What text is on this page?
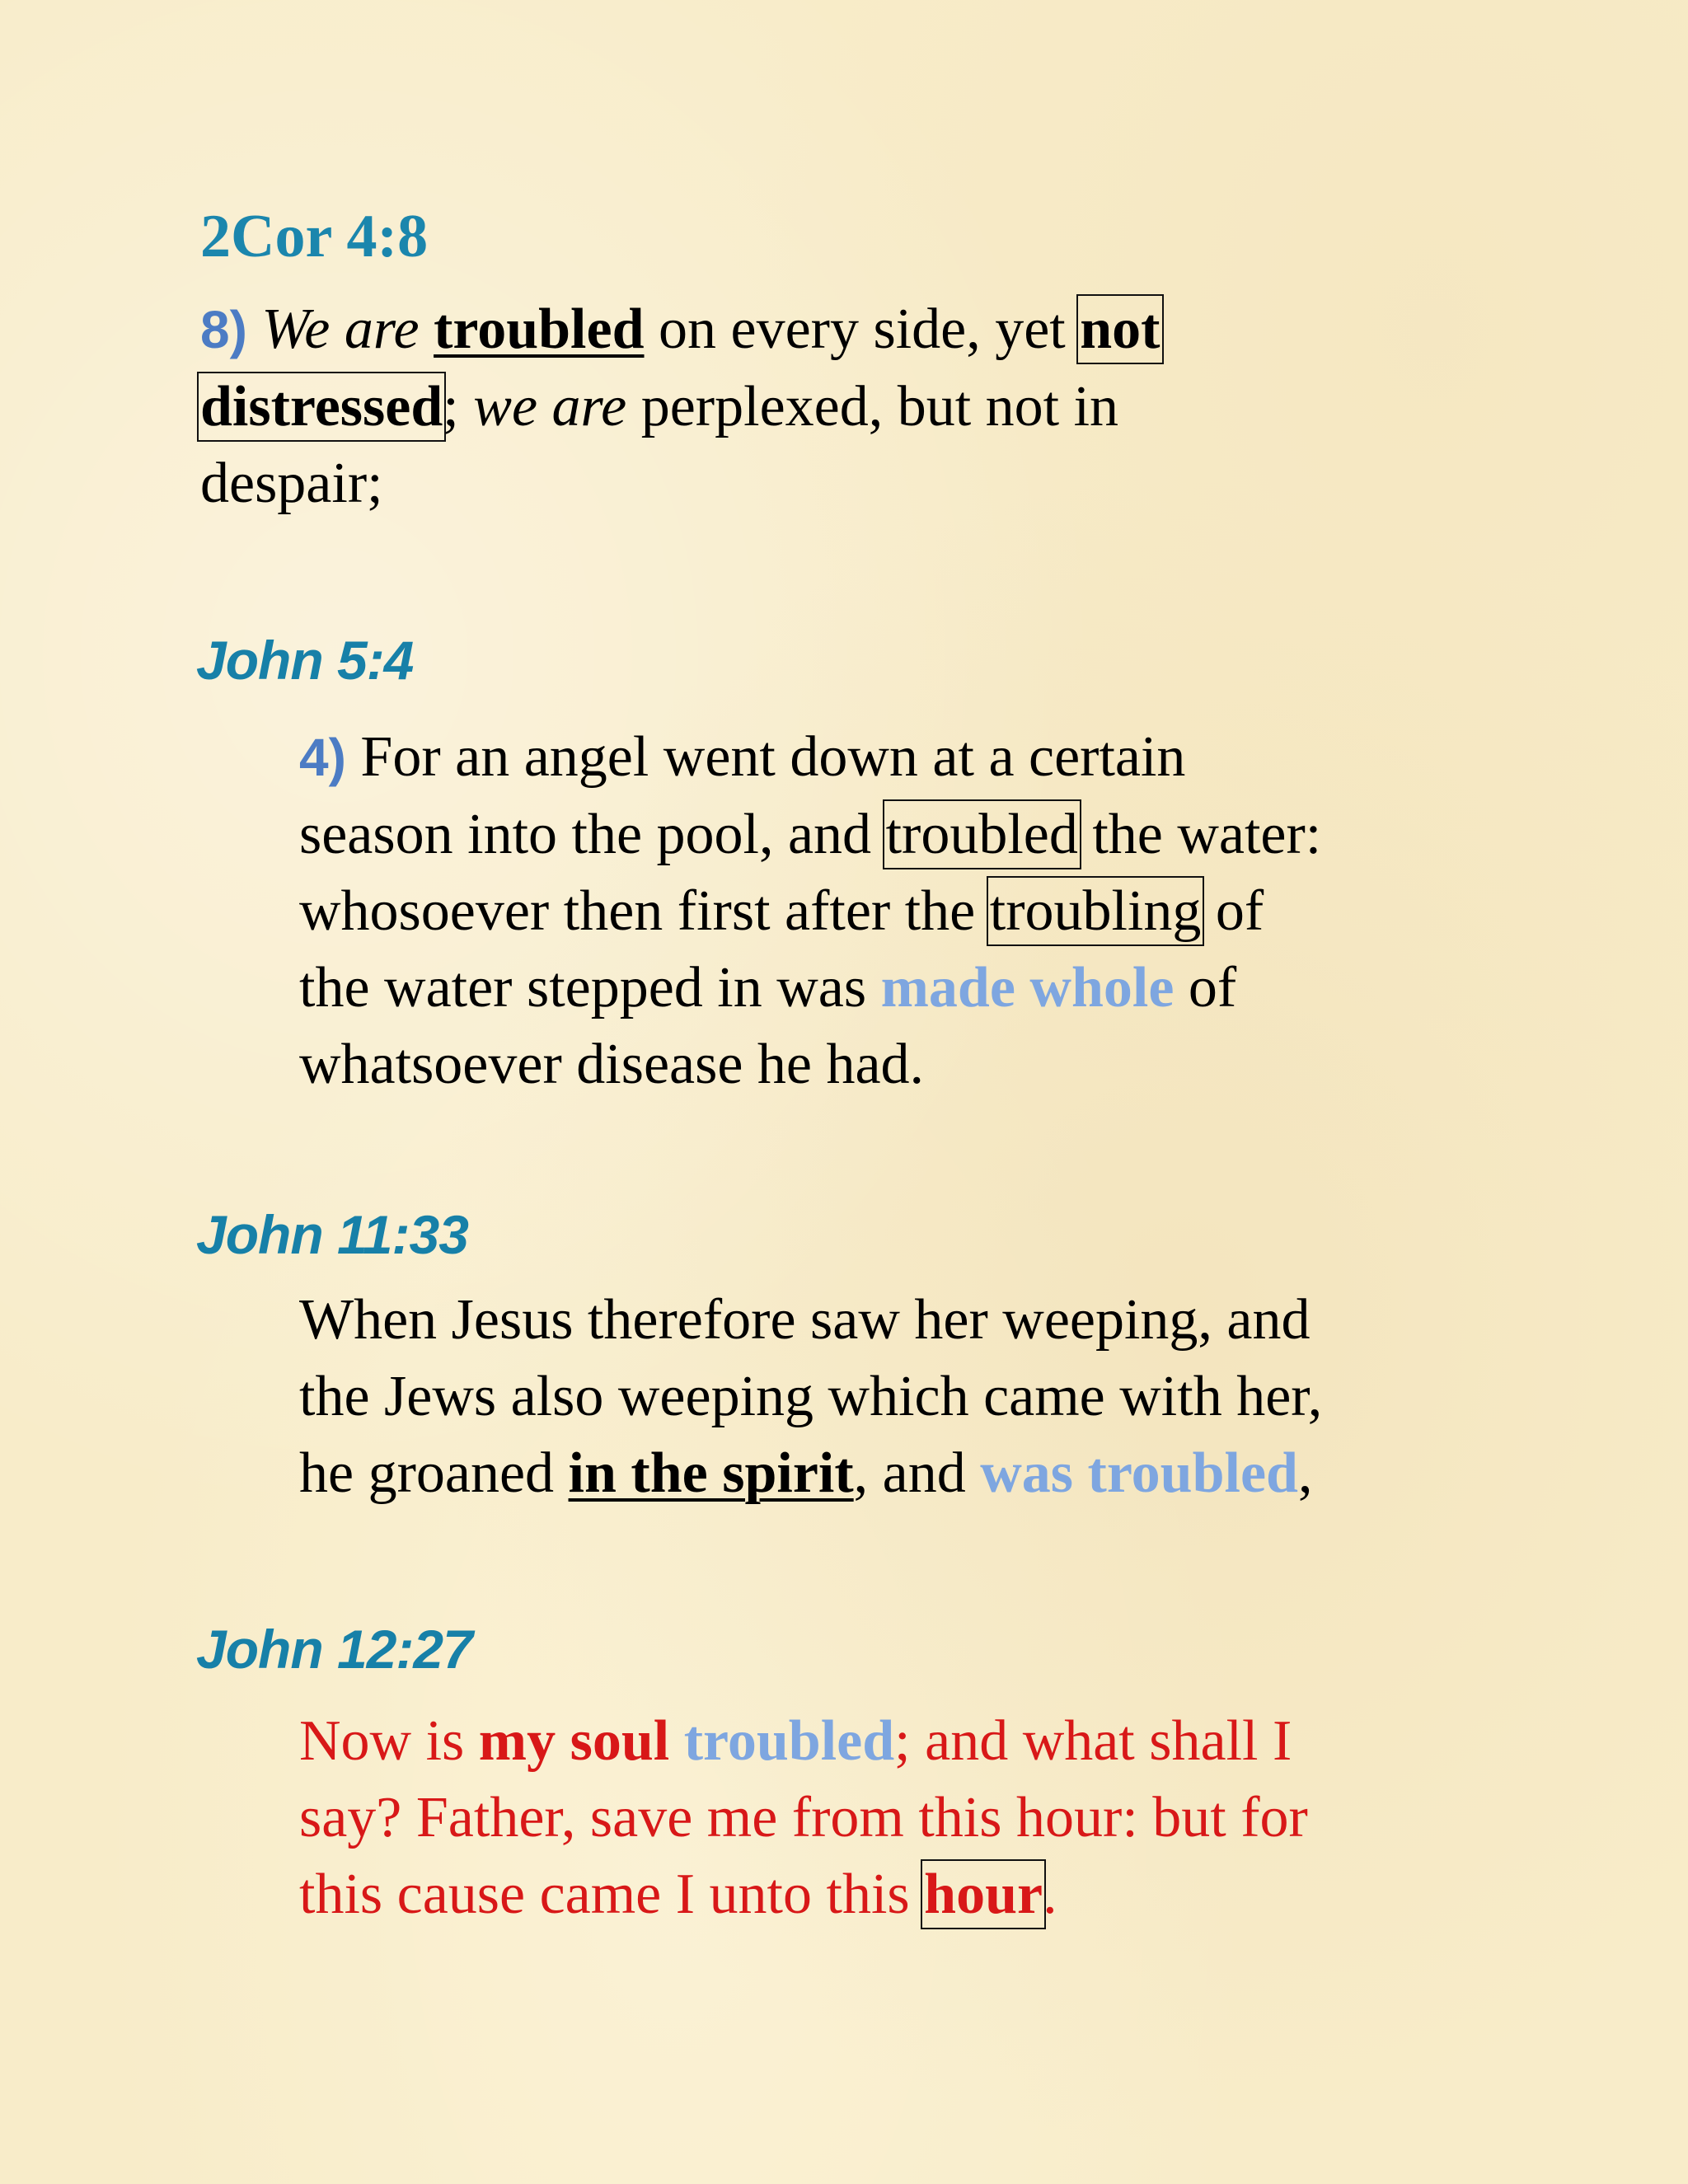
2Cor 4:8
8) We are troubled on every side, yet not
distressed; we are perplexed, but not in
despair;
John 5:4
4) For an angel went down at a certain
season into the pool, and troubled the water:
whosoever then first after the troubling of
the water stepped in was made whole of
whatsoever disease he had.
John 11:33
When Jesus therefore saw her weeping, and
the Jews also weeping which came with her,
he groaned in the spirit, and was troubled,
John 12:27
Now is my soul troubled; and what shall I
say? Father, save me from this hour: but for
this cause came I unto this hour.
